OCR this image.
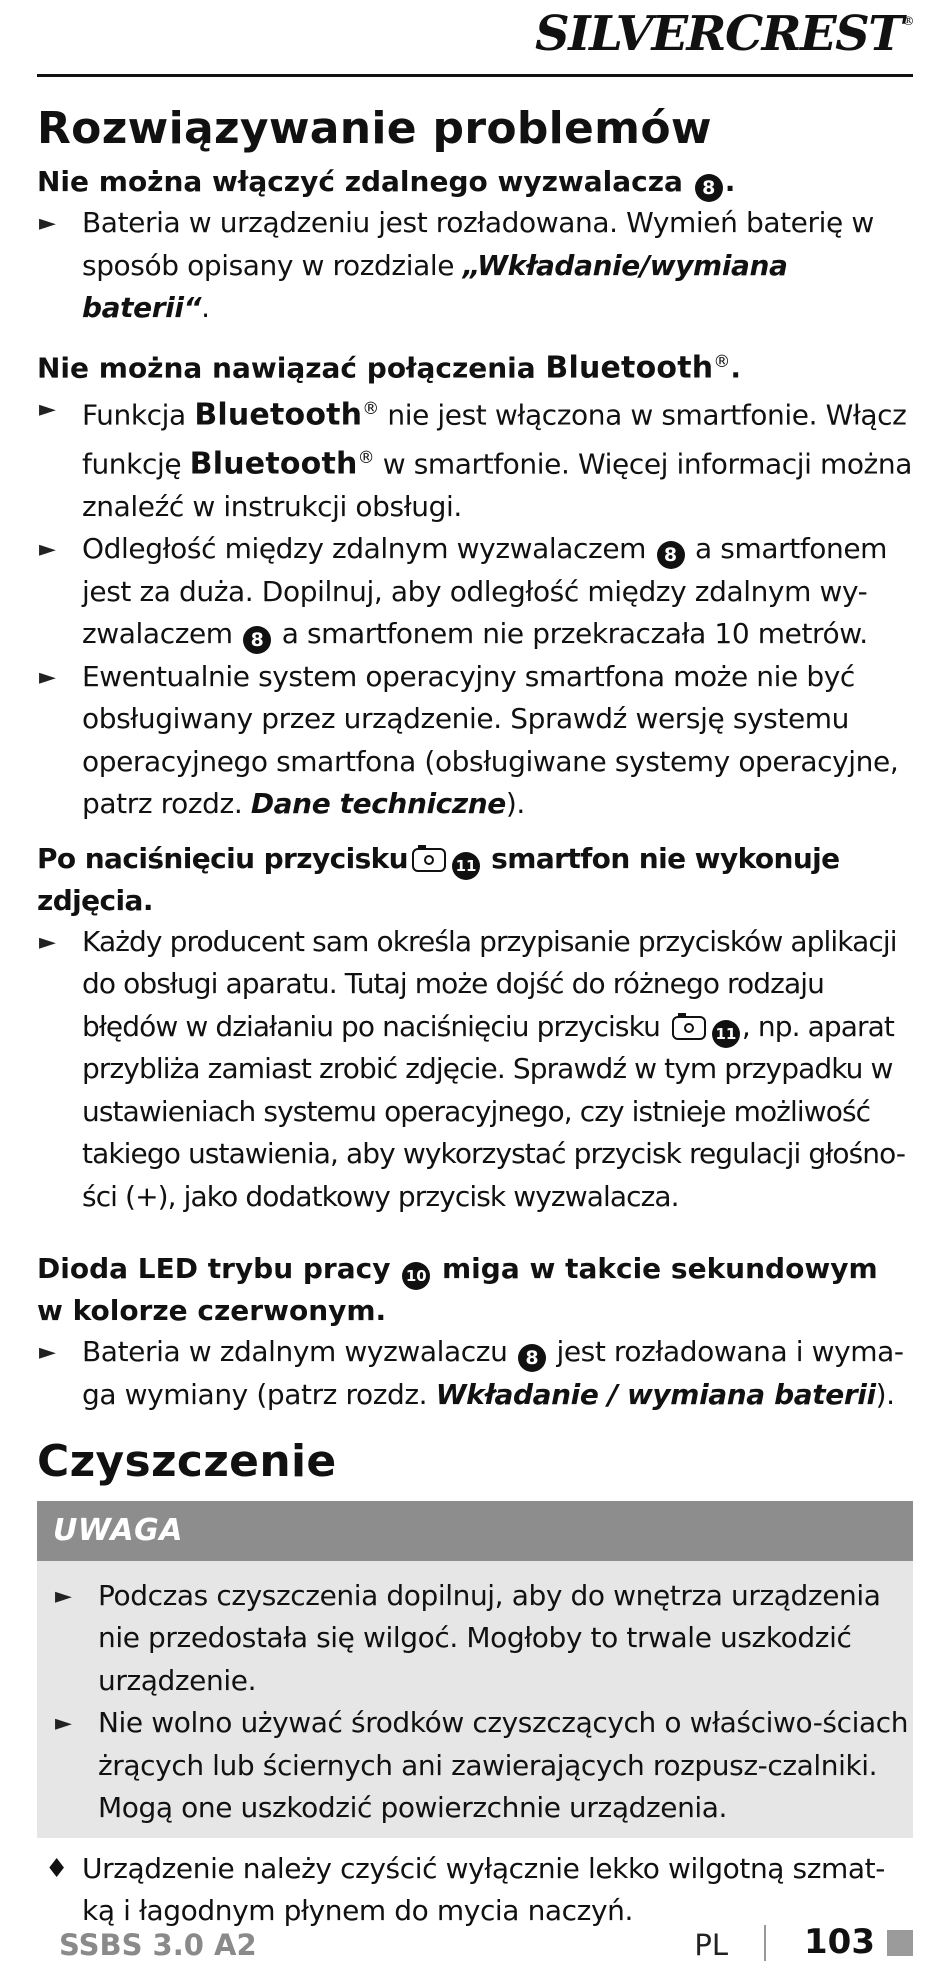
SILVERCREST®
Rozwiązywanie problemów

Nie można włączyć zdalnego wyzwalacza 8 .

► Bateria w urządzeniu jest rozładowana. Wymień baterię w sposób opisany w rozdziale „Wkładanie/wymiana baterii“.

Nie można nawiązać połączenia Bluetooth®.

► Funkcja Bluetooth® nie jest włączona w smartfonie. Włącz funkcję Bluetooth® w smartfonie. Więcej informacji można znaleźć w instrukcji obsługi.
► Odległość między zdalnym wyzwalaczem 8 a smartfonem jest za duża. Dopilnuj, aby odległość między zdalnym wy-zwalaczem 8 a smartfonem nie przekraczała 10 metrów.
► Ewentualnie system operacyjny smartfona może nie być obsługiwany przez urządzenie. Sprawdź wersję systemu operacyjnego smartfona (obsługiwane systemy operacyjne, patrz rozdz. Dane techniczne).

Po naciśnięciu przycisku	11 smartfon nie wykonuje zdjęcia.

► Każdy producent sam określa przypisanie przycisków aplikacji do obsługi aparatu. Tutaj może dojść do różnego rodzaju błędów w działaniu po naciśnięciu przycisku	11 , np. aparat przybliża zamiast zrobić zdjęcie. Sprawdź w tym przypadku w ustawieniach systemu operacyjnego, czy istnieje możliwość takiego ustawienia, aby wykorzystać przycisk regulacji głośno-ści (+), jako dodatkowy przycisk wyzwalacza.

Dioda LED trybu pracy 10 miga w takcie sekundowym w kolorze czerwonym.

► Bateria w zdalnym wyzwalaczu 8 jest rozładowana i wyma-ga wymiany (patrz rozdz. Wkładanie / wymiana baterii).
Czyszczenie
UWAGA
► Podczas czyszczenia dopilnuj, aby do wnętrza urządzenia nie przedostała się wilgoć. Mogłoby to trwale uszkodzić urządzenie.
► Nie wolno używać środków czyszczących o właściwo-ściach żrących lub ściernych ani zawierających rozpusz-czalniki. Mogą one uszkodzić powierzchnie urządzenia.
♦ Urządzenie należy czyścić wyłącznie lekko wilgotną szmat-ką i łagodnym płynem do mycia naczyń.
SSBS 3.0 A2	PL 103
